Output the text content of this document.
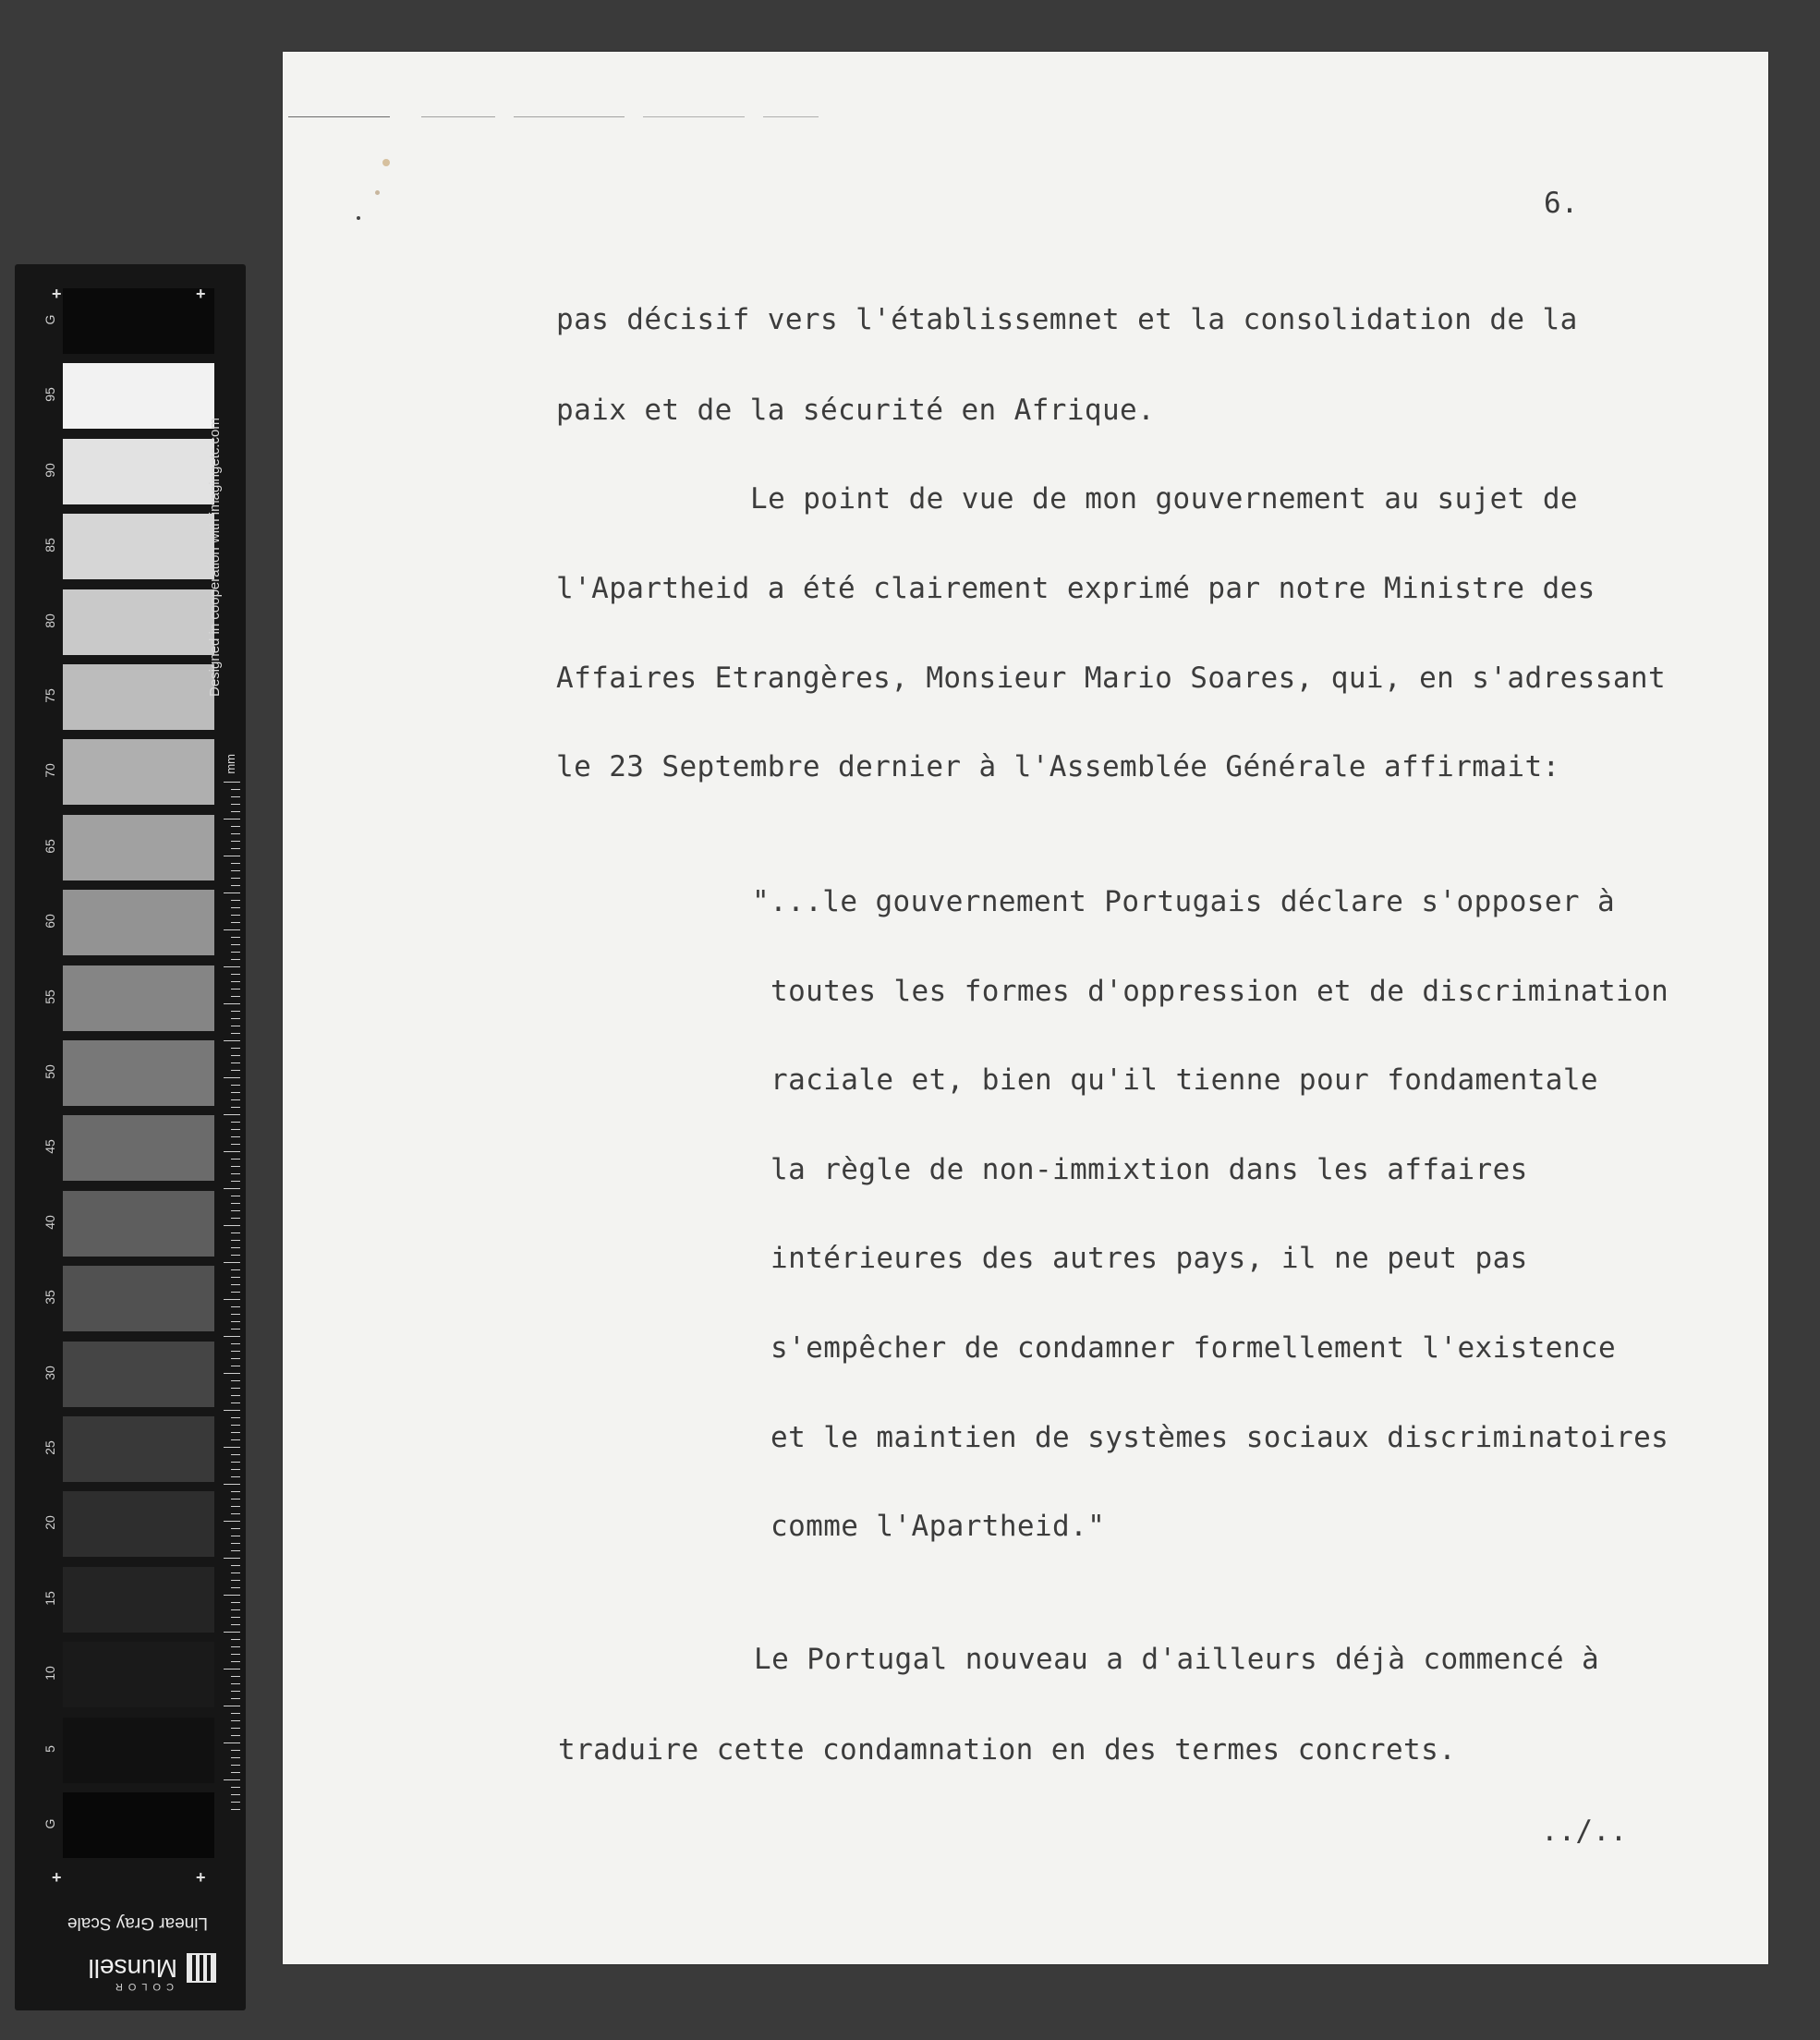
G
95
90
85
80
75
70
65
60
55
50
45
40
35
30
25
20
15
10
5
G
+	+
+	+
Designed in cooperation with imagingetc.com
mm
Linear Gray Scale
Munsell
COLOR
6.
pas décisif vers l'établissemnet et la consolidation de la
paix et de la sécurité en Afrique.
Le point de vue de mon gouvernement au sujet de
l'Apartheid a été clairement exprimé par notre Ministre des
Affaires Etrangères, Monsieur Mario Soares, qui, en s'adressant
le 23 Septembre dernier à l'Assemblée Générale affirmait:
"...le gouvernement Portugais déclare s'opposer à
toutes les formes d'oppression et de discrimination
raciale et, bien qu'il tienne pour fondamentale
la règle de non-immixtion dans les affaires
intérieures des autres pays, il ne peut pas
s'empêcher de condamner formellement l'existence
et le maintien de systèmes sociaux discriminatoires
comme l'Apartheid."
Le Portugal nouveau a d'ailleurs déjà commencé à
traduire cette condamnation en des termes concrets.
../..
